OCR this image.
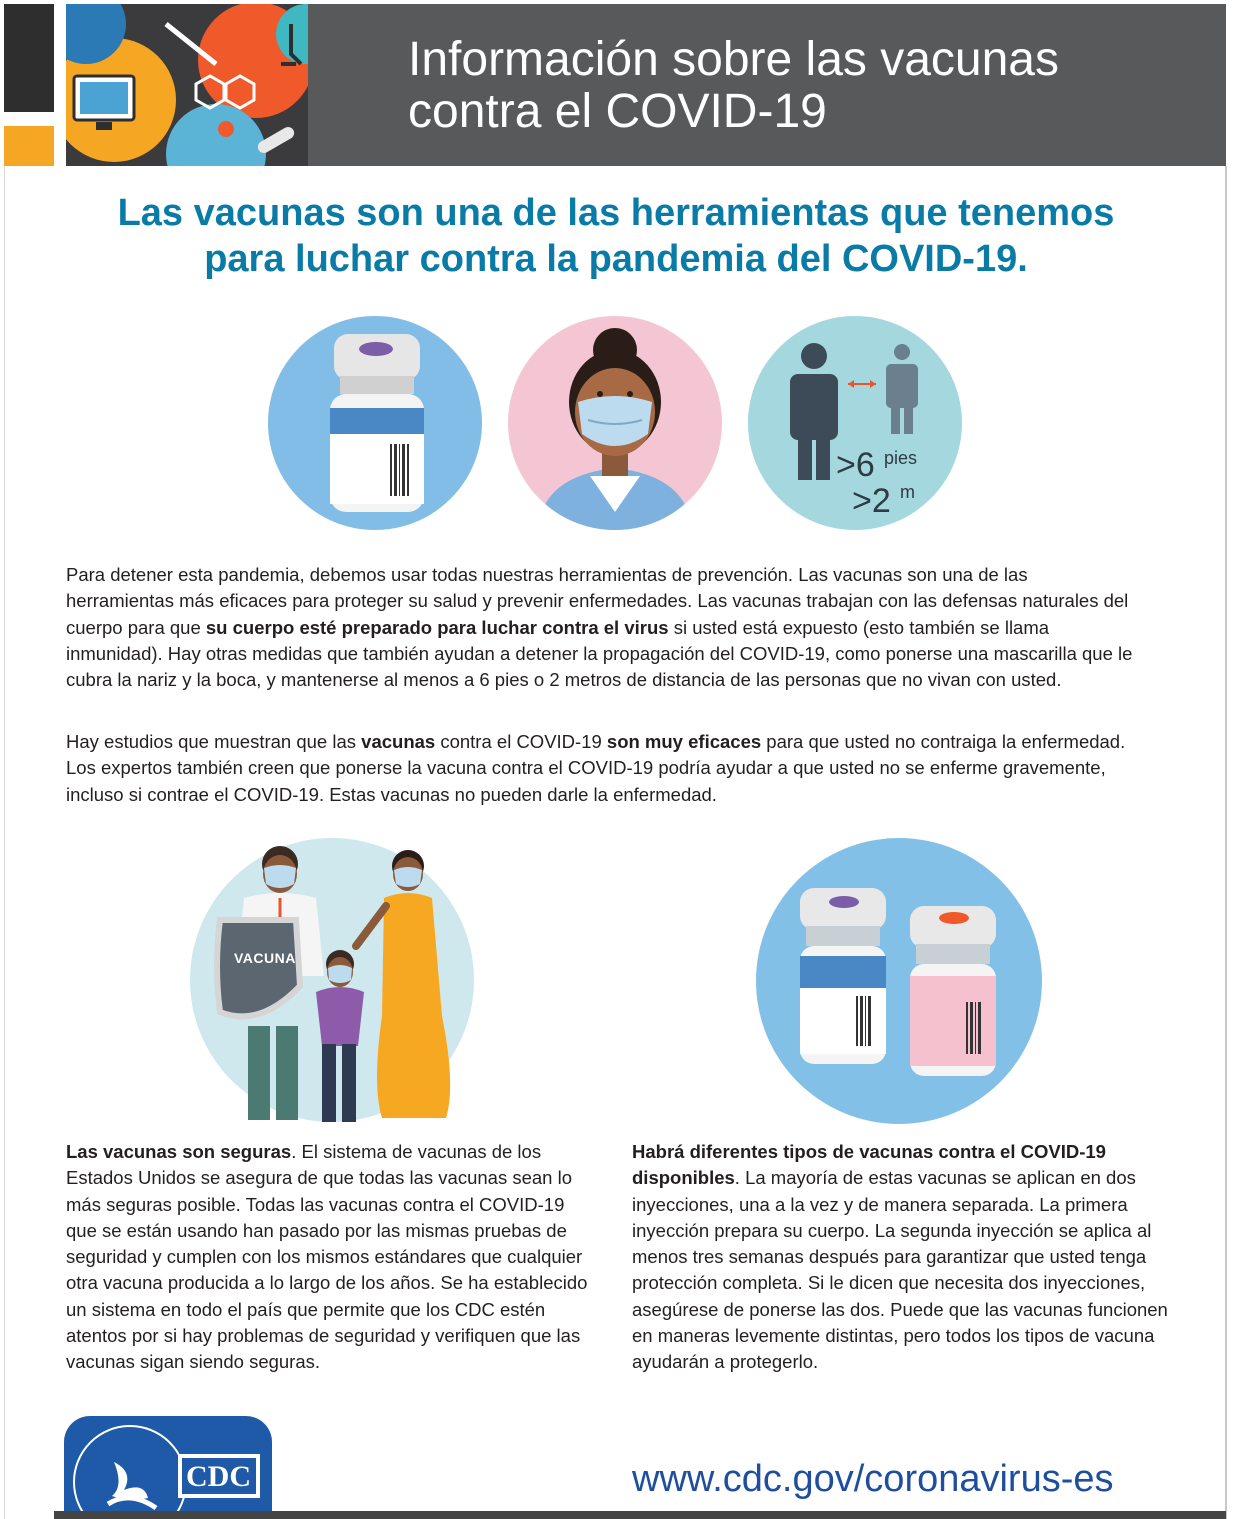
Información sobre las vacunas
contra el COVID-19
Las vacunas son una de las herramientas que tenemos
para luchar contra la pandemia del COVID-19.
>6 pies
>2 m

Para detener esta pandemia, debemos usar todas nuestras herramientas de prevención. Las vacunas son una de las herramientas más eficaces para proteger su salud y prevenir enfermedades. Las vacunas trabajan con las defensas naturales del cuerpo para que su cuerpo esté preparado para luchar contra el virus si usted está expuesto (esto también se llama inmunidad). Hay otras medidas que también ayudan a detener la propagación del COVID-19, como ponerse una mascarilla que le cubra la nariz y la boca, y mantenerse al menos a 6 pies o 2 metros de distancia de las personas que no vivan con usted.

Hay estudios que muestran que las vacunas contra el COVID-19 son muy eficaces para que usted no contraiga la enfermedad. Los expertos también creen que ponerse la vacuna contra el COVID-19 podría ayudar a que usted no se enferme gravemente, incluso si contrae el COVID-19. Estas vacunas no pueden darle la enfermedad.

VACUNA

Las vacunas son seguras. El sistema de vacunas de los Estados Unidos se asegura de que todas las vacunas sean lo más seguras posible. Todas las vacunas contra el COVID-19 que se están usando han pasado por las mismas pruebas de seguridad y cumplen con los mismos estándares que cualquier otra vacuna producida a lo largo de los años. Se ha establecido un sistema en todo el país que permite que los CDC estén atentos por si hay problemas de seguridad y verifiquen que las vacunas sigan siendo seguras.

Habrá diferentes tipos de vacunas contra el COVID-19 disponibles. La mayoría de estas vacunas se aplican en dos inyecciones, una a la vez y de manera separada. La primera inyección prepara su cuerpo. La segunda inyección se aplica al menos tres semanas después para garantizar que usted tenga protección completa. Si le dicen que necesita dos inyecciones, asegúrese de ponerse las dos. Puede que las vacunas funcionen en maneras levemente distintas, pero todos los tipos de vacuna ayudarán a protegerlo.

CDC	www.cdc.gov/coronavirus-es
